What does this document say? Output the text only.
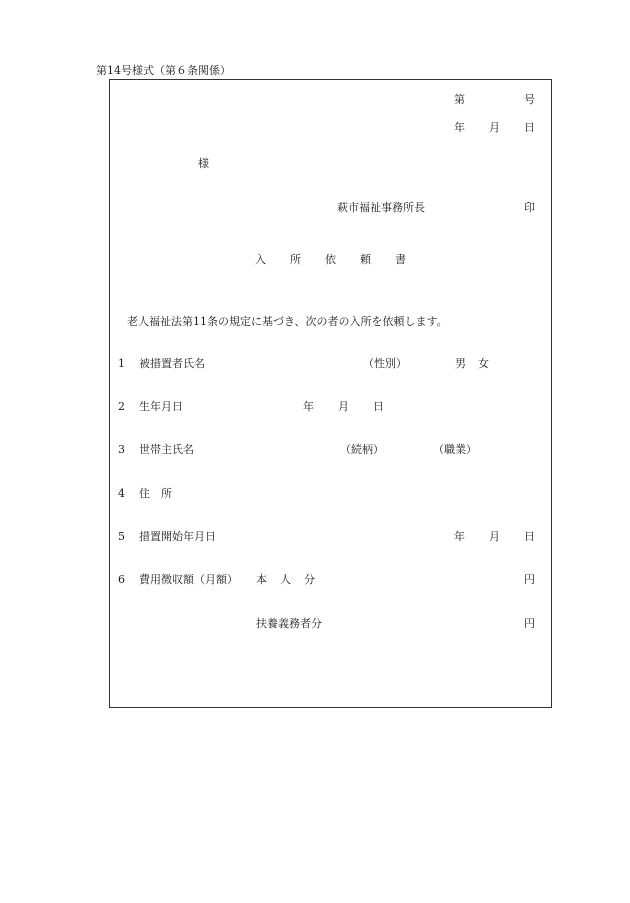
第14号様式（第６条関係）
第	号
年 月 日
様
萩市福祉事務所長	印
入所依頼書
老人福祉法第11条の規定に基づき、次の者の入所を依頼します。
1 被措置者氏名	（性別）	男 女
2 生年月日	年 月 日
3 世帯主氏名	（続柄）	（職業）
4 住所
5 措置開始年月日	年 月 日
6 費用徴収額（月額） 本人分	円
扶養義務者分	円
